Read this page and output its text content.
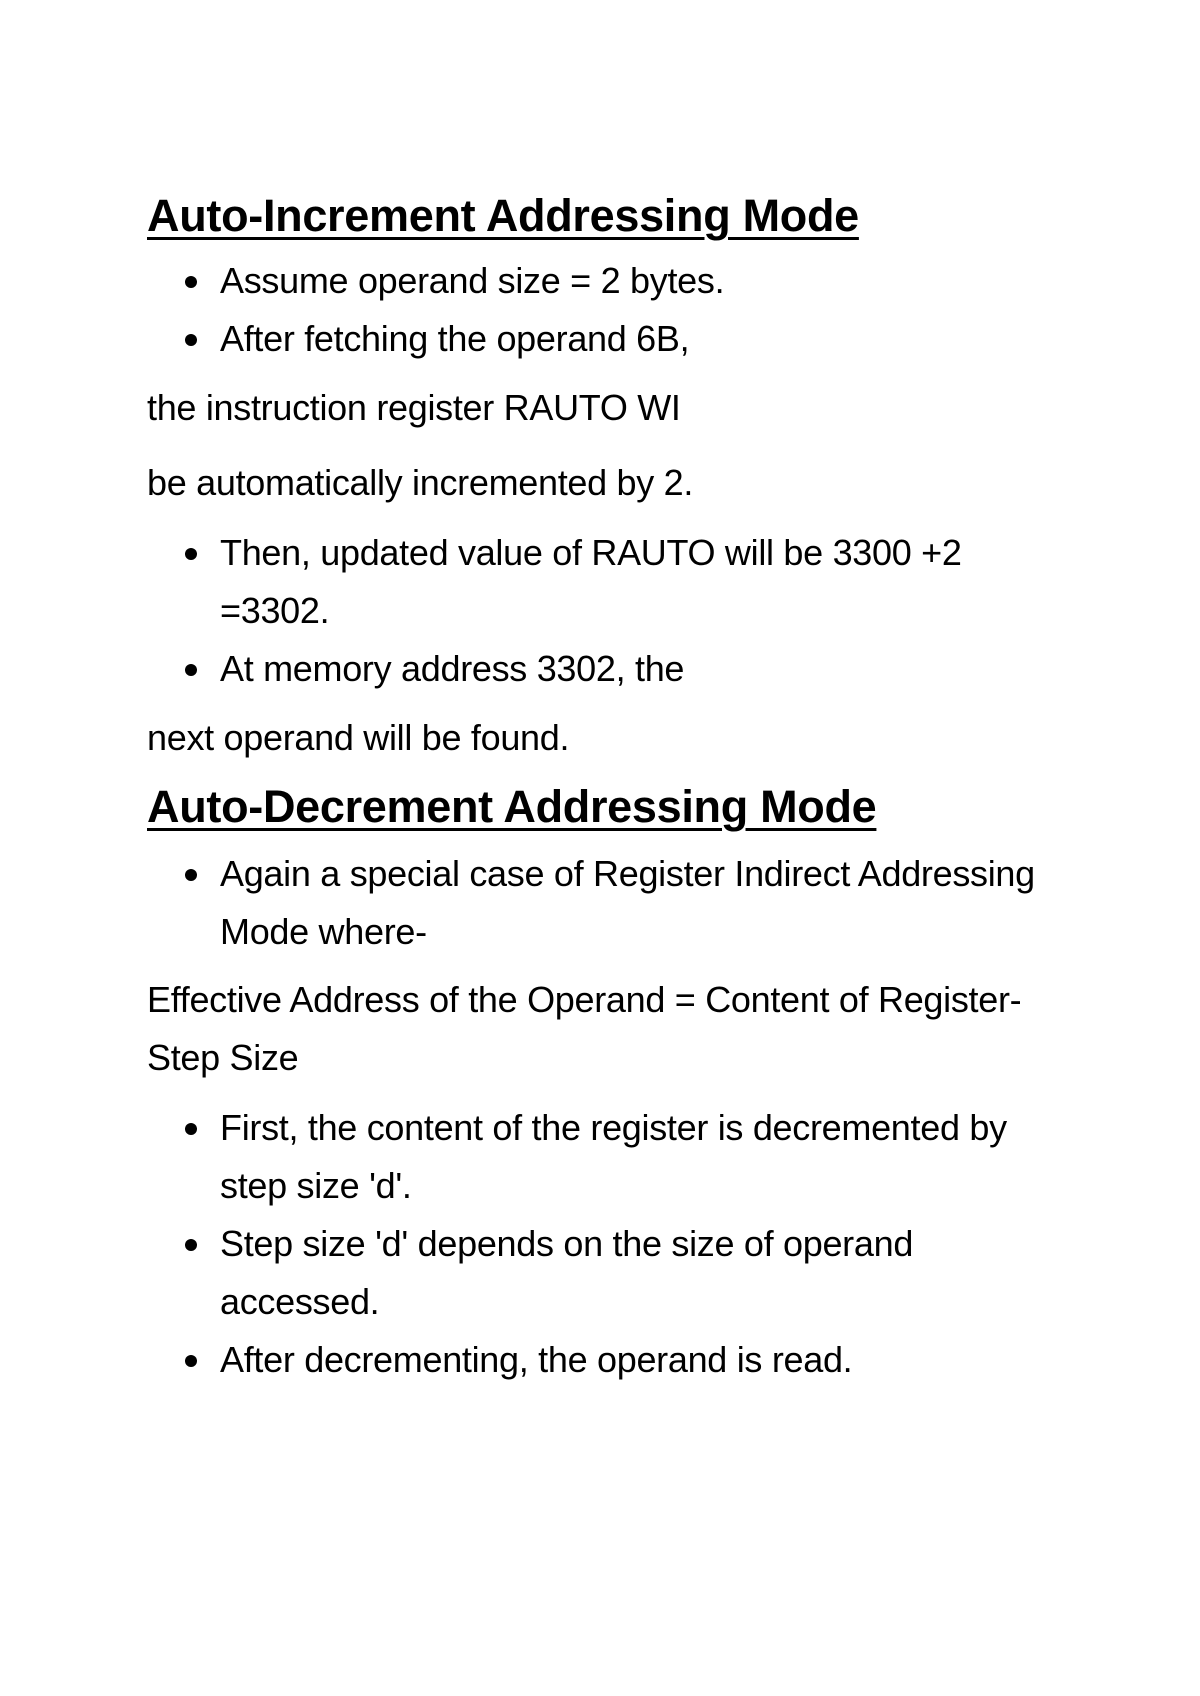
Auto-Increment Addressing Mode
Assume operand size = 2 bytes.
After fetching the operand 6B,

the instruction register RAUTO WI

be automatically incremented by 2.

Then, updated value of RAUTO will be 3300 +2 =3302.
At memory address 3302, the

next operand will be found.

Auto-Decrement Addressing Mode
Again a special case of Register Indirect Addressing Mode where-

Effective Address of the Operand = Content of Register- Step Size

First, the content of the register is decremented by step size 'd'.
Step size 'd' depends on the size of operand accessed.
After decrementing, the operand is read.
